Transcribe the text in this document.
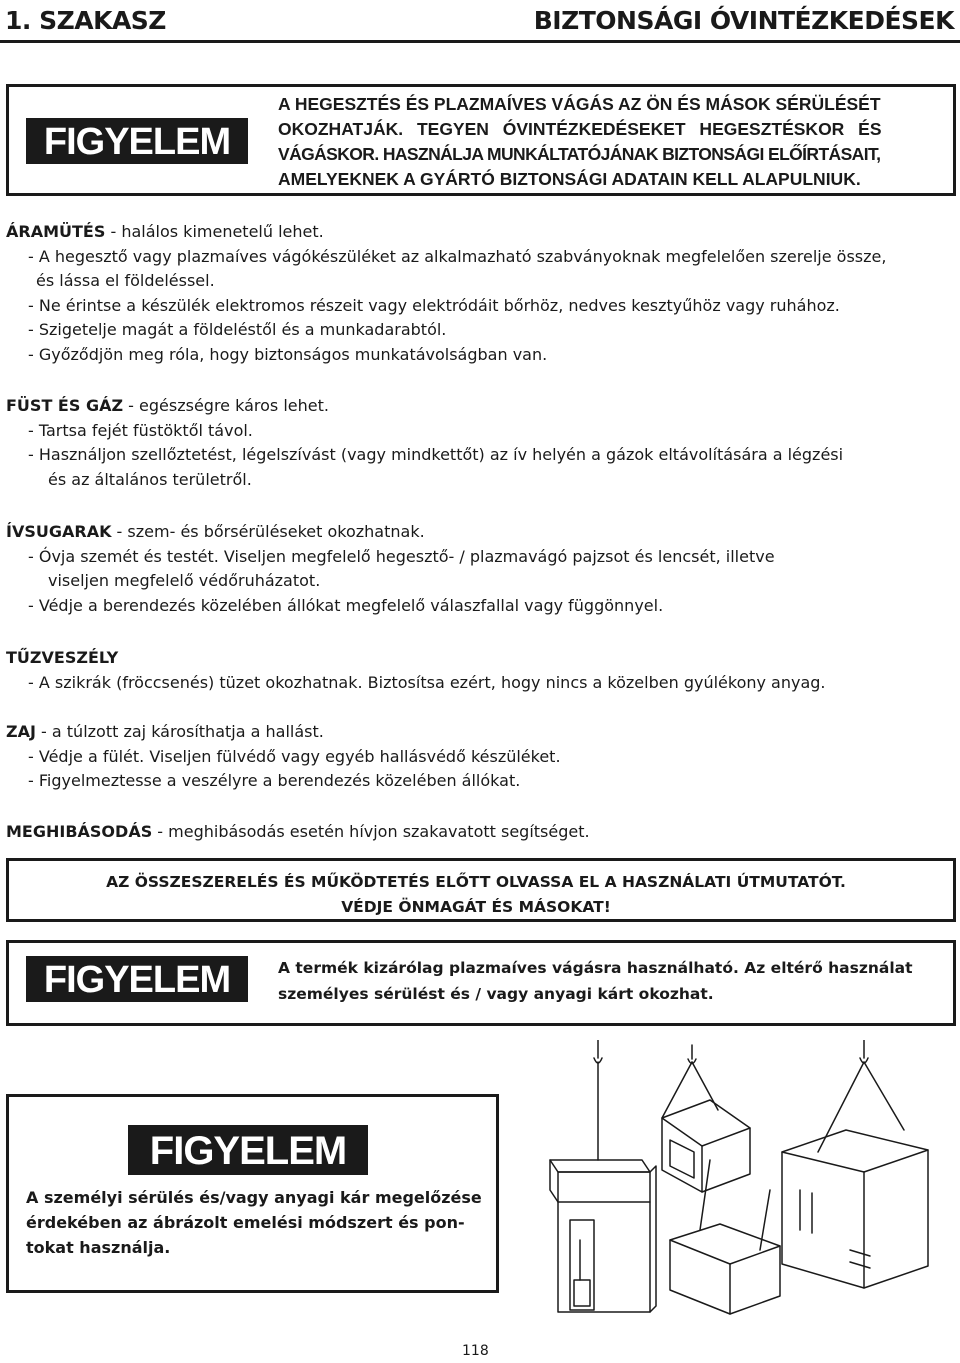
1. SZAKASZ	BIZTONSÁGI ÓVINTÉZKEDÉSEK
FIGYELEM
A HEGESZTÉS ÉS PLAZMAÍVES VÁGÁS AZ ÖN ÉS MÁSOK SÉRÜLÉSÉT
OKOZHATJÁK. TEGYEN ÓVINTÉZKEDÉSEKET HEGESZTÉSKOR ÉS
VÁGÁSKOR. HASZNÁLJA MUNKÁLTATÓJÁNAK BIZTONSÁGI ELŐÍRTÁSAIT,
AMELYEKNEK A GYÁRTÓ BIZTONSÁGI ADATAIN KELL ALAPULNIUK.
ÁRAMÜTÉS - halálos kimenetelű lehet.
- A hegesztő vagy plazmaíves vágókészüléket az alkalmazható szabványoknak megfelelően szerelje össze,
és lássa el földeléssel.
- Ne érintse a készülék elektromos részeit vagy elektródáit bőrhöz, nedves kesztyűhöz vagy ruhához.
- Szigetelje magát a földeléstől és a munkadarabtól.
- Győződjön meg róla, hogy biztonságos munkatávolságban van.
FÜST ÉS GÁZ - egészségre káros lehet.
- Tartsa fejét füstöktől távol.
- Használjon szellőztetést, légelszívást (vagy mindkettőt) az ív helyén a gázok eltávolítására a légzési
és az általános területről.
ÍVSUGARAK - szem- és bőrsérüléseket okozhatnak.
- Óvja szemét és testét. Viseljen megfelelő hegesztő- / plazmavágó pajzsot és lencsét, illetve
viseljen megfelelő védőruházatot.
- Védje a berendezés közelében állókat megfelelő válaszfallal vagy függönnyel.
TŰZVESZÉLY
- A szikrák (fröccsenés) tüzet okozhatnak. Biztosítsa ezért, hogy nincs a közelben gyúlékony anyag.
ZAJ - a túlzott zaj károsíthatja a hallást.
- Védje a fülét. Viseljen fülvédő vagy egyéb hallásvédő készüléket.
- Figyelmeztesse a veszélyre a berendezés közelében állókat.
MEGHIBÁSODÁS - meghibásodás esetén hívjon szakavatott segítséget.
AZ ÖSSZESZERELÉS ÉS MŰKÖDTETÉS ELŐTT OLVASSA EL A HASZNÁLATI ÚTMUTATÓT.
VÉDJE ÖNMAGÁT ÉS MÁSOKAT!
FIGYELEM	A termék kizárólag plazmaíves vágásra használható. Az eltérő használat
személyes sérülést és / vagy anyagi kárt okozhat.
FIGYELEM
A személyi sérülés és/vagy anyagi kár megelőzése
érdekében az ábrázolt emelési módszert és pon-
tokat használja.
118
